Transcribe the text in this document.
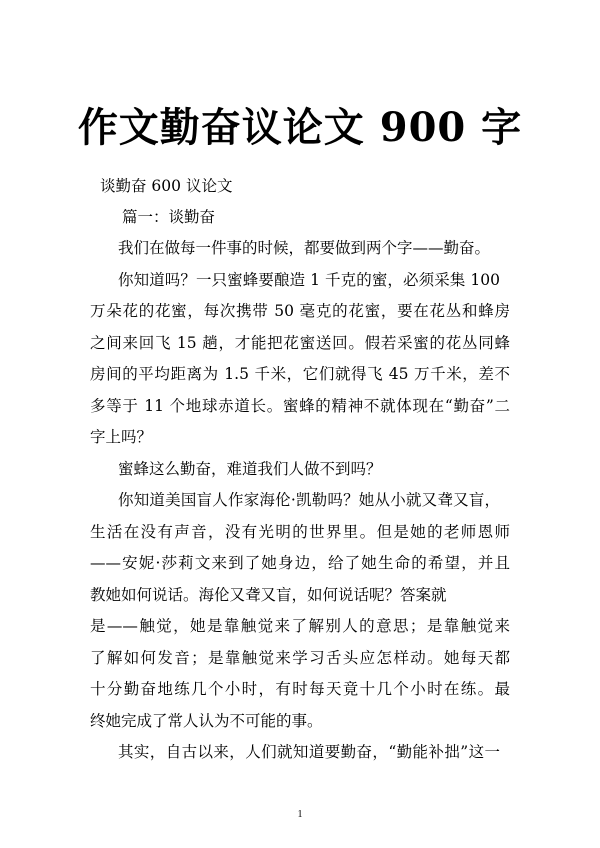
作文勤奋议论文 900 字
谈勤奋 600 议论文
篇一：谈勤奋
我们在做每一件事的时候，都要做到两个字——勤奋。
你知道吗？一只蜜蜂要酿造 1 千克的蜜，必须采集 100
万朵花的花蜜，每次携带 50 毫克的花蜜，要在花丛和蜂房
之间来回飞 15 趟，才能把花蜜送回。假若采蜜的花丛同蜂
房间的平均距离为 1.5 千米，它们就得飞 45 万千米，差不
多等于 11 个地球赤道长。蜜蜂的精神不就体现在“勤奋”二
字上吗？
蜜蜂这么勤奋，难道我们人做不到吗？
你知道美国盲人作家海伦·凯勒吗？她从小就又聋又盲，
生活在没有声音，没有光明的世界里。但是她的老师恩师
——安妮·莎莉文来到了她身边，给了她生命的希望，并且
教她如何说话。海伦又聋又盲，如何说话呢？答案就
是——触觉，她是靠触觉来了解别人的意思；是靠触觉来
了解如何发音；是靠触觉来学习舌头应怎样动。她每天都
十分勤奋地练几个小时，有时每天竟十几个小时在练。最
终她完成了常人认为不可能的事。
其实，自古以来，人们就知道要勤奋，“勤能补拙”这一
1
